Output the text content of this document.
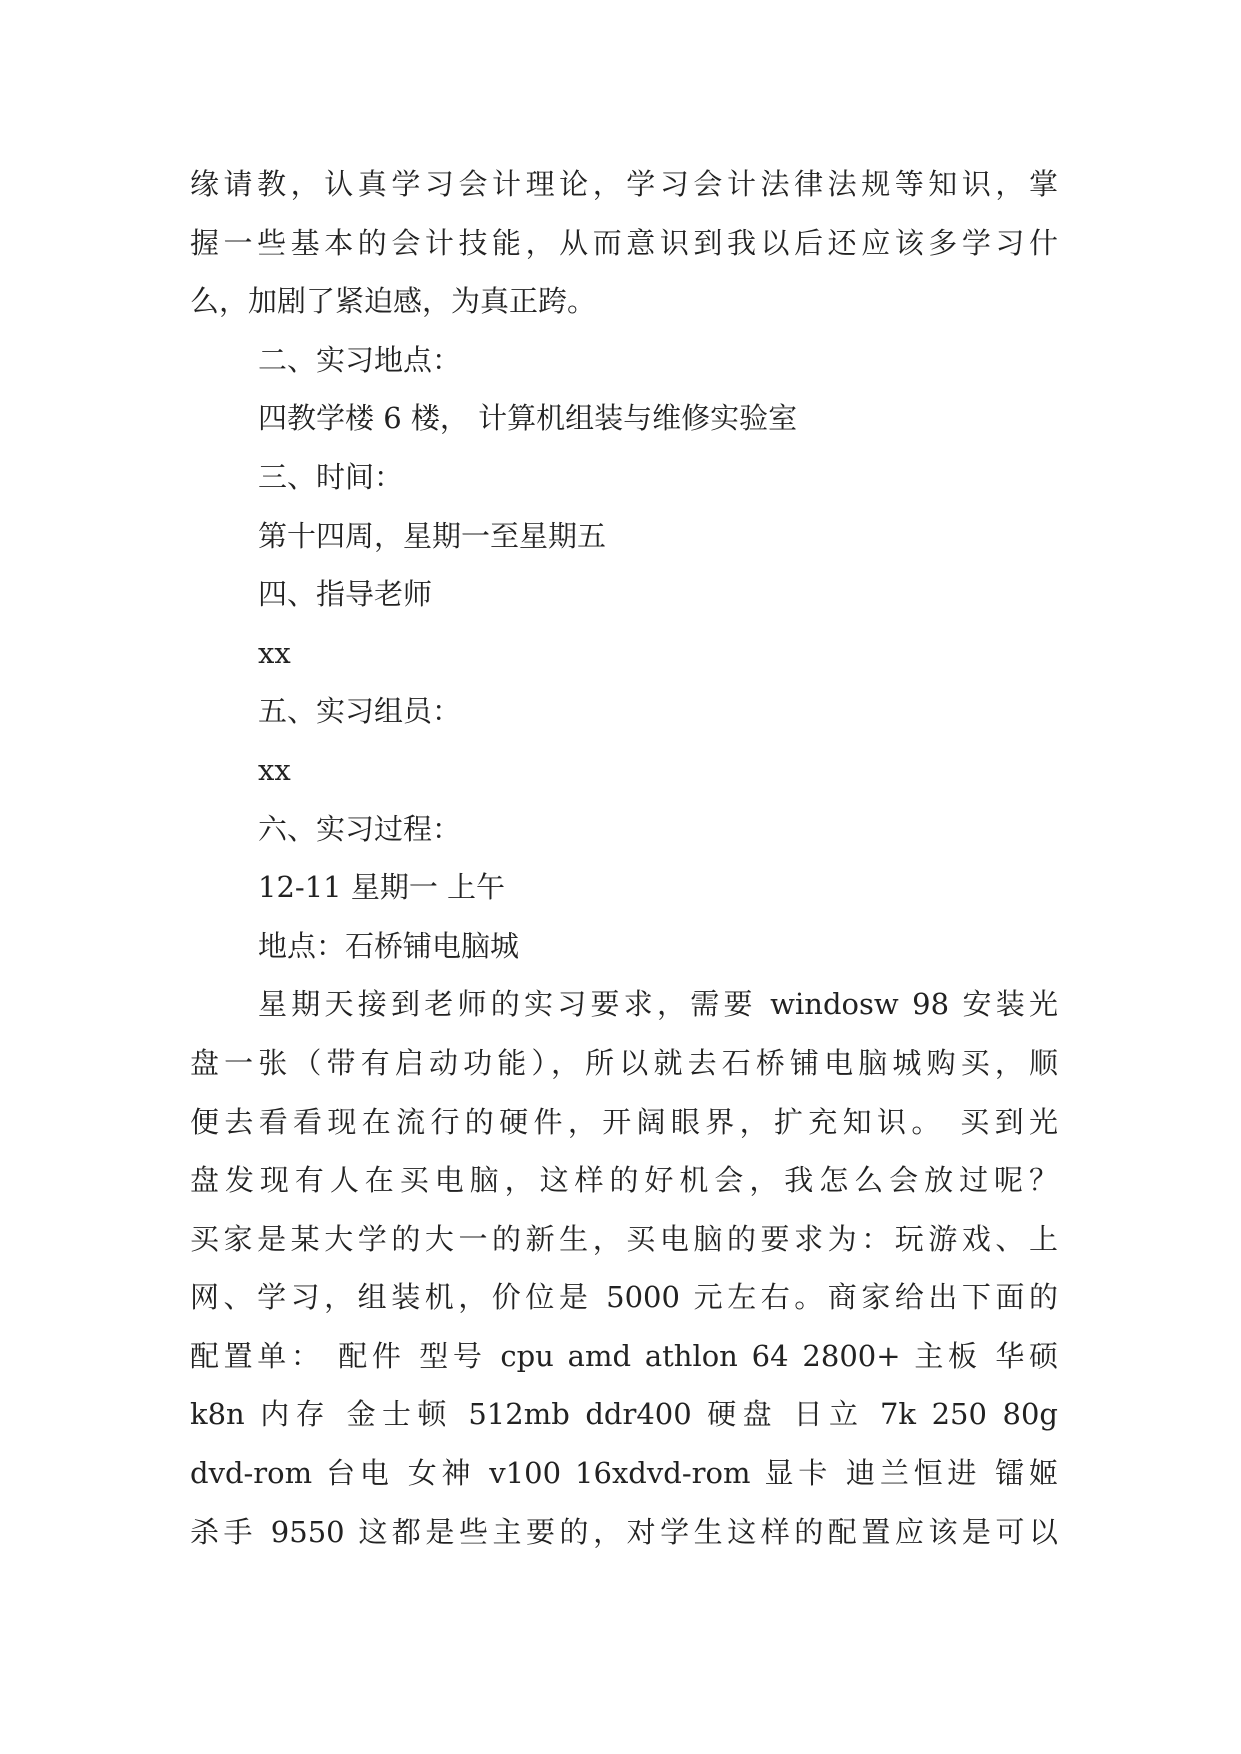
缘请教，认真学习会计理论，学习会计法律法规等知识，掌
握一些基本的会计技能，从而意识到我以后还应该多学习什
么，加剧了紧迫感，为真正跨。
二、实习地点：
四教学楼 6 楼， 计算机组装与维修实验室
三、时间：
第十四周，星期一至星期五
四、指导老师
xx
五、实习组员：
xx
六、实习过程：
12-11 星期一 上午
地点：石桥铺电脑城
星期天接到老师的实习要求，需要 windosw 98 安装光
盘一张（带有启动功能），所以就去石桥铺电脑城购买，顺
便去看看现在流行的硬件，开阔眼界，扩充知识。 买到光
盘发现有人在买电脑，这样的好机会，我怎么会放过呢？
买家是某大学的大一的新生，买电脑的要求为：玩游戏、上
网、学习，组装机，价位是 5000 元左右。商家给出下面的
配置单： 配件 型号 cpu amd athlon 64 2800+ 主板 华硕
k8n 内存 金士顿 512mb ddr400 硬盘 日立 7k 250 80g
dvd-rom 台电 女神 v100 16xdvd-rom 显卡 迪兰恒进 镭姬
杀手 9550 这都是些主要的，对学生这样的配置应该是可以
